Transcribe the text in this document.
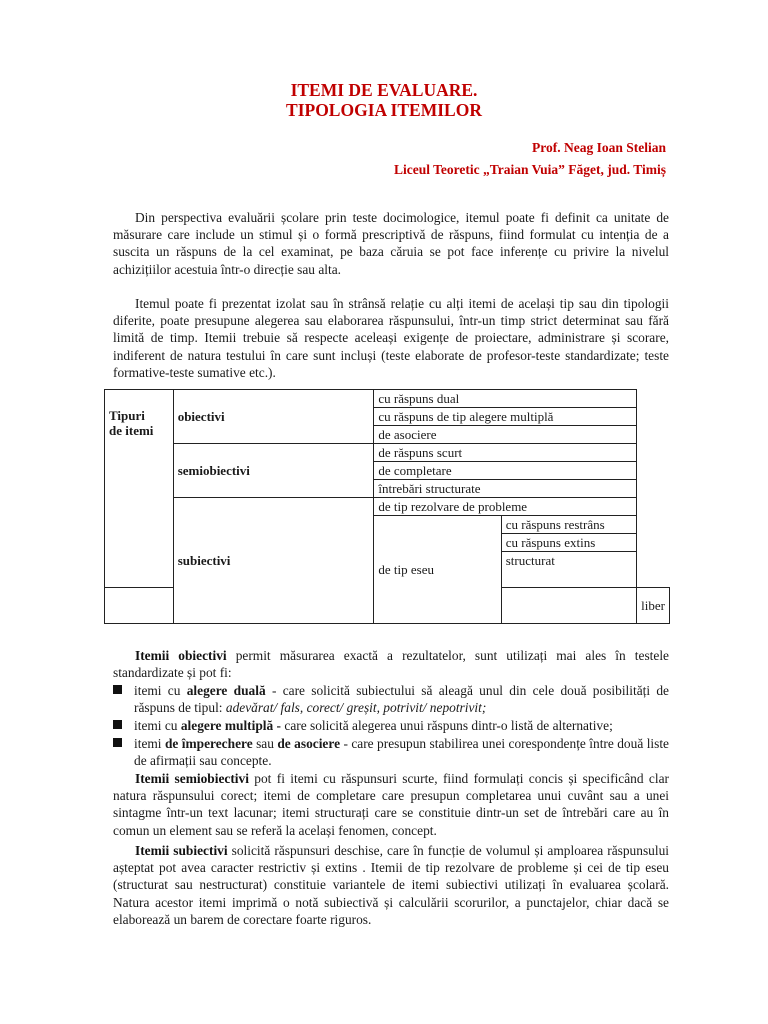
ITEMI DE EVALUARE.
TIPOLOGIA ITEMILOR
Prof. Neag Ioan Stelian
Liceul Teoretic „Traian Vuia” Făget, jud. Timiș

Din perspectiva evaluării școlare prin teste docimologice, itemul poate fi definit ca unitate de măsurare care include un stimul și o formă prescriptivă de răspuns, fiind formulat cu intenția de a suscita un răspuns de la cel examinat, pe baza căruia se pot face inferențe cu privire la nivelul achizițiilor acestuia într-o direcție sau alta.

Itemul poate fi prezentat izolat sau în strânsă relație cu alți itemi de același tip sau din tipologii diferite, poate presupune alegerea sau elaborarea răspunsului, într-un timp strict determinat sau fără limită de timp. Itemii trebuie să respecte aceleași exigențe de proiectare, administrare și scorare, indiferent de natura testului în care sunt incluși (teste elaborate de profesor-teste standardizate; teste formative-teste sumative etc.).

Tipuri de itemi	obiectivi	cu răspuns dual		
		cu răspuns de tip alegere multiplă		
		de asociere		
	semiobiectivi	de răspuns scurt		
		de completare		
		întrebări structurate		
	subiectivi	de tip rezolvare de probleme		
		de tip eseu	cu răspuns restrâns	
			cu răspuns extins	
			structurat	
				liber

Itemii obiectivi permit măsurarea exactă a rezultatelor, sunt utilizați mai ales în testele standardizate și pot fi:

itemi cu alegere duală - care solicită subiectului să aleagă unul din cele două posibilități de răspuns de tipul: adevărat/ fals, corect/ greșit, potrivit/ nepotrivit;
itemi cu alegere multiplă - care solicită alegerea unui răspuns dintr-o listă de alternative;
itemi de împerechere sau de asociere - care presupun stabilirea unei corespondențe între două liste de afirmații sau concepte.

Itemii semiobiectivi pot fi itemi cu răspunsuri scurte, fiind formulați concis și specificând clar natura răspunsului corect; itemi de completare care presupun completarea unui cuvânt sau a unei sintagme într-un text lacunar; itemi structurați care se constituie dintr-un set de întrebări care au în comun un element sau se referă la același fenomen, concept.

Itemii subiectivi solicită răspunsuri deschise, care în funcție de volumul și amploarea răspunsului așteptat pot avea caracter restrictiv și extins . Itemii de tip rezolvare de probleme și cei de tip eseu (structurat sau nestructurat) constituie variantele de itemi subiectivi utilizați în evaluarea școlară. Natura acestor itemi imprimă o notă subiectivă și calculării scorurilor, a punctajelor, chiar dacă se elaborează un barem de corectare foarte riguros.
